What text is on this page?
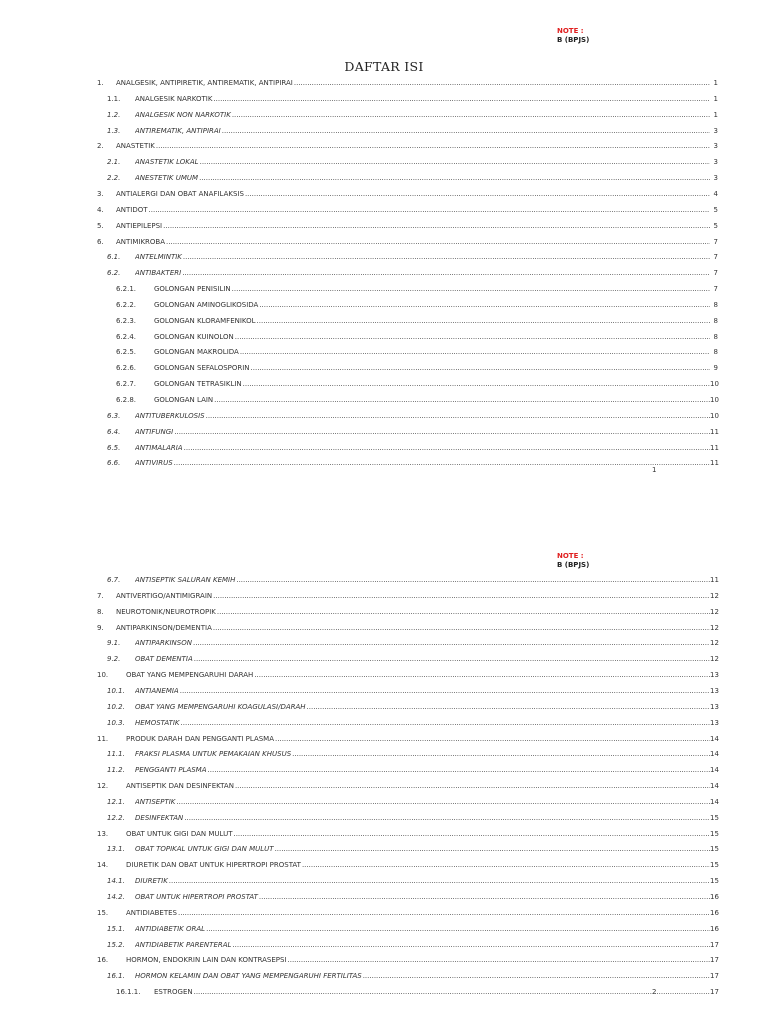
NOTE :
B (BPJS)
DAFTAR ISI
1. ANALGESIK, ANTIPIRETIK, ANTIREMATIK, ANTIPIRAI .....	1
1.1. ANALGESIK NARKOTIK .....	1
1.2. ANALGESIK NON NARKOTIK .....	1
1.3. ANTIREMATIK, ANTIPIRAI .....	3
2. ANASTETIK .....	3
2.1. ANASTETIK LOKAL .....	3
2.2. ANESTETIK UMUM .....	3
3. ANTIALERGI DAN OBAT ANAFILAKSIS .....	4
4. ANTIDOT .....	5
5. ANTIEPILEPSI .....	5
6. ANTIMIKROBA .....	7
6.1. ANTELMINTIK .....	7
6.2. ANTIBAKTERI .....	7
6.2.1.	GOLONGAN PENISILIN .....	7
6.2.2.	GOLONGAN AMINOGLIKOSIDA .....	8
6.2.3.	GOLONGAN KLORAMFENIKOL .....	8
6.2.4.	GOLONGAN KUINOLON .....	8
6.2.5.	GOLONGAN MAKROLIDA .....	8
6.2.6.	GOLONGAN SEFALOSPORIN .....	9
6.2.7.	GOLONGAN TETRASIKLIN .....	10
6.2.8.	GOLONGAN LAIN .....	10
6.3. ANTITUBERKULOSIS .....	10
6.4. ANTIFUNGI .....	11
6.5. ANTIMALARIA .....	11
6.6. ANTIVIRUS .....	11
1
NOTE :
B (BPJS)
6.7. ANTISEPTIK SALURAN KEMIH .....	11
7. ANTIVERTIGO/ANTIMIGRAIN .....	12
8. NEUROTONIK/NEUROTROPIK .....	12
9. ANTIPARKINSON/DEMENTIA .....	12
9.1. ANTIPARKINSON .....	12
9.2. OBAT DEMENTIA .....	12
10.	OBAT YANG MEMPENGARUHI DARAH .....	13
10.1. ANTIANEMIA .....	13
10.2. OBAT YANG MEMPENGARUHI KOAGULASI/DARAH .....	13
10.3. HEMOSTATIK .....	13
11.	PRODUK DARAH DAN PENGGANTI PLASMA .....	14
11.1. FRAKSI PLASMA UNTUK PEMAKAIAN KHUSUS .....	14
11.2. PENGGANTI PLASMA .....	14
12.	ANTISEPTIK DAN DESINFEKTAN .....	14
12.1. ANTISEPTIK .....	14
12.2. DESINFEKTAN .....	15
13.	OBAT UNTUK GIGI DAN MULUT .....	15
13.1. OBAT TOPIKAL UNTUK GIGI DAN MULUT .....	15
14.	DIURETIK DAN OBAT UNTUK HIPERTROPI PROSTAT .....	15
14.1. DIURETIK .....	15
14.2. OBAT UNTUK HIPERTROPI PROSTAT .....	16
15.	ANTIDIABETES .....	16
15.1. ANTIDIABETIK ORAL .....	16
15.2. ANTIDIABETIK PARENTERAL .....	17
16.	HORMON, ENDOKRIN LAIN DAN KONTRASEPSI .....	17
16.1. HORMON KELAMIN DAN OBAT YANG MEMPENGARUHI FERTILITAS .....	17
16.1.1. ESTROGEN .....	17
2
